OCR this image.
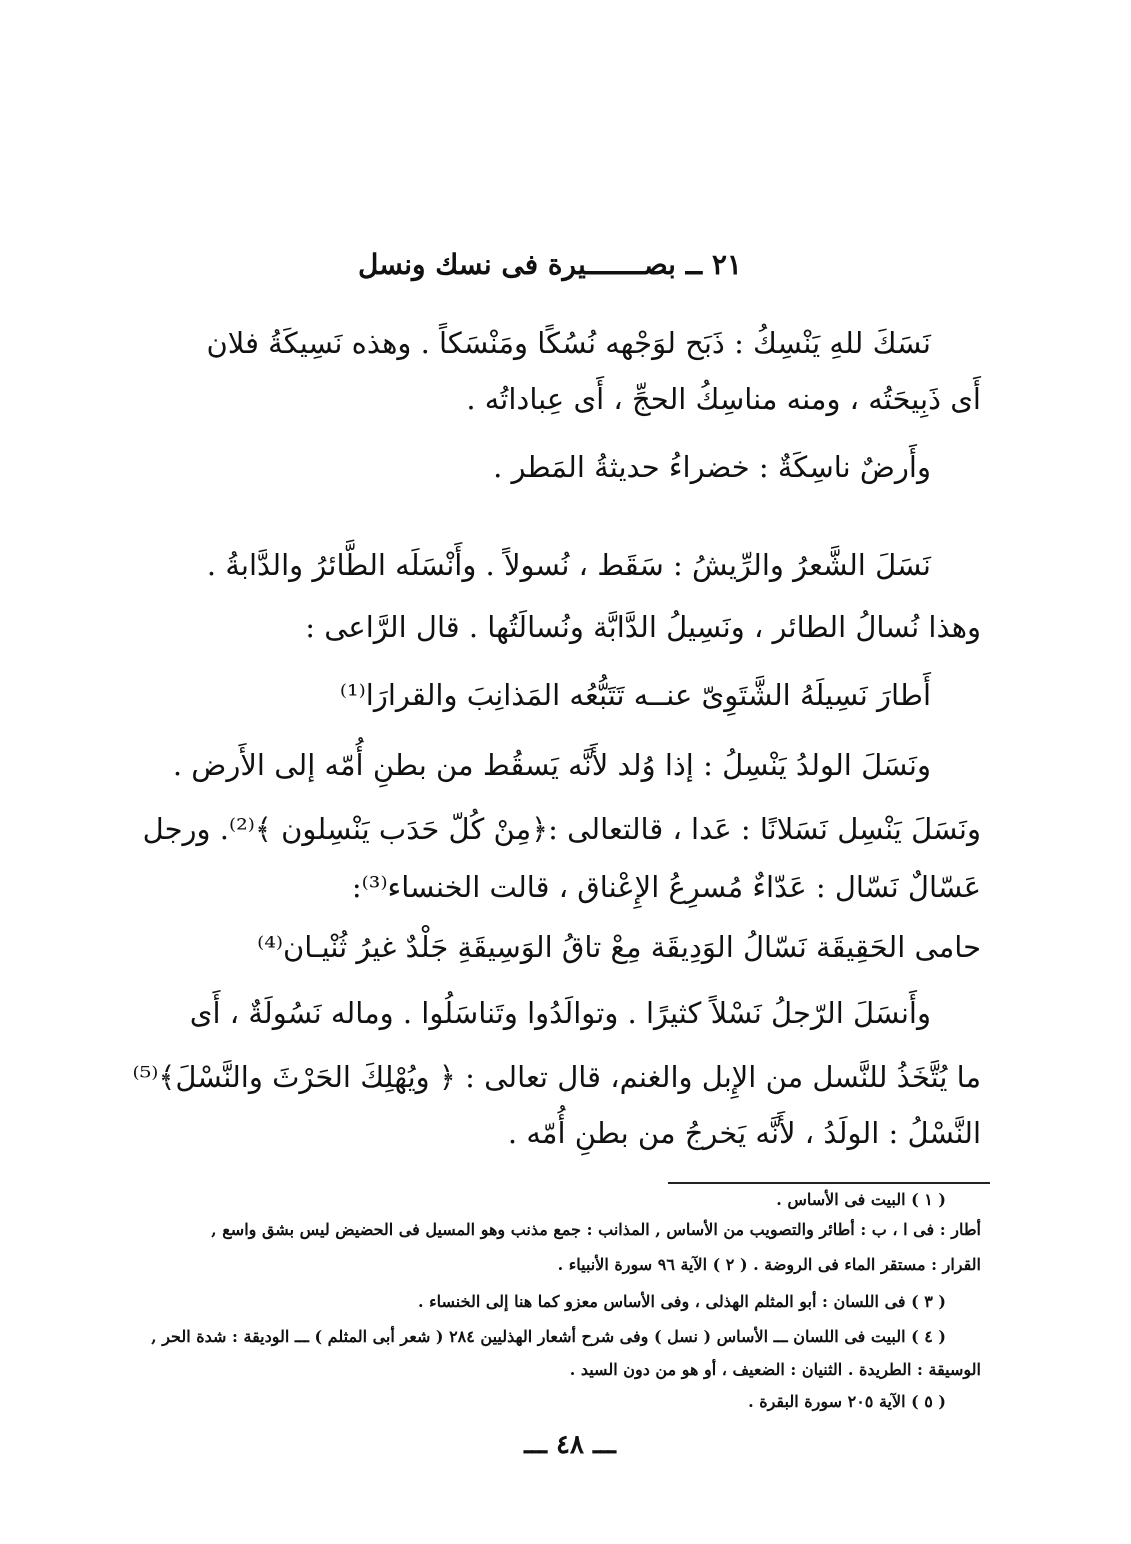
٢١ ــ بصـــــــيرة فى نسك ونسل
نَسَكَ للهِ يَنْسِكُ : ذَبَح لوَجْهه نُسُكًا ومَنْسَكاً . وهذه نَسِيكَةُ فلان
أَى ذَبِيحَتُه ، ومنه مناسِكُ الحجِّ ، أَى عِباداتُه .
وأَرضٌ ناسِكَةٌ : خضراءُ حديثةُ المَطر .
نَسَلَ الشَّعرُ والرِّيشُ : سَقَط ، نُسولاً . وأَنْسَلَه الطَّائرُ والدَّابةُ .
وهذا نُسالُ الطائر ، ونَسِيلُ الدَّابَّة ونُسالَتُها . قال الرَّاعى :
أَطارَ نَسِيلَهُ الشَّتَوِىّ عنــه تَتَبُّعُه المَذانِبَ والقرارَا⁽¹⁾
ونَسَلَ الولدُ يَنْسِلُ : إذا وُلد لأَنَّه يَسقُط من بطنِ أُمّه إلى الأَرض .
ونَسَلَ يَنْسِل نَسَلانًا : عَدا ، قالتعالى :﴿مِنْ كُلّ حَدَب يَنْسِلون ﴾⁽²⁾. ورجل
عَسّالٌ نَسّال : عَدّاءٌ مُسرِعُ الإِعْناق ، قالت الخنساء⁽³⁾:
حامى الحَقِيقَة نَسّالُ الوَدِيقَة مِعْ تاقُ الوَسِيقَةِ جَلْدٌ غيرُ ثُنْيـان⁽⁴⁾
وأَنسَلَ الرّجلُ نَسْلاً كثيرًا . وتوالَدُوا وتَناسَلُوا . وماله نَسُولَةٌ ، أَى
ما يُتَّخَذُ للنَّسل من الإِبل والغنم، قال تعالى : ﴿ ويُهْلِكَ الحَرْثَ والنَّسْلَ﴾⁽⁵⁾
النَّسْلُ : الولَدُ ، لأَنَّه يَخرجُ من بطنِ أُمّه .
( ١ ) البيت فى الأساس .
أطار : فى ا ، ب : أطائر والتصويب من الأساس , المذانب : جمع مذنب وهو المسيل فى الحضيض ليس بشق واسع ,
القرار : مستقر الماء فى الروضة . ( ٢ ) الآية ٩٦ سورة الأنبياء .
( ٣ ) فى اللسان : أبو المثلم الهذلى ، وفى الأساس معزو كما هنا إلى الخنساء .
( ٤ ) البيت فى اللسان ـــ الأساس ( نسل ) وفى شرح أشعار الهذليين ٢٨٤ ( شعر أبى المثلم ) ـــ الوديقة : شدة الحر ,
الوسيقة : الطريدة . الثنيان : الضعيف ، أو هو من دون السيد .
( ٥ ) الآية ٢٠٥ سورة البقرة .
ـــ ٤٨ ـــ
